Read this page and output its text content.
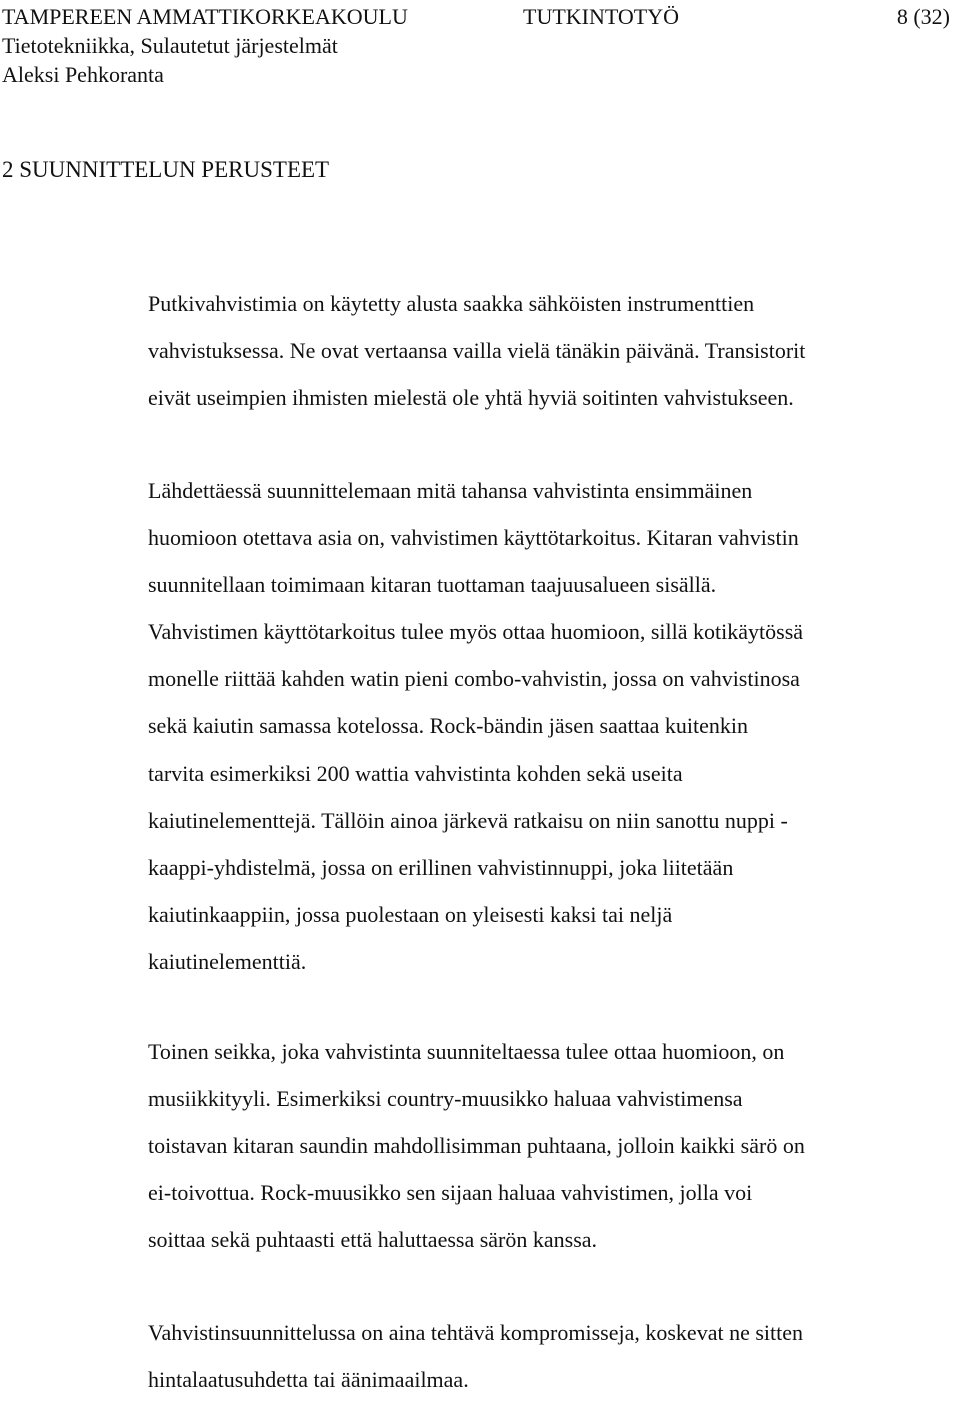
TAMPEREEN AMMATTIKORKEAKOULU	TUTKINTOTYÖ	8 (32)
Tietotekniikka, Sulautetut järjestelmät
Aleksi Pehkoranta
2 SUUNNITTELUN PERUSTEET
Putkivahvistimia on käytetty alusta saakka sähköisten instrumenttien
vahvistuksessa. Ne ovat vertaansa vailla vielä tänäkin päivänä. Transistorit
eivät useimpien ihmisten mielestä ole yhtä hyviä soitinten vahvistukseen.
Lähdettäessä suunnittelemaan mitä tahansa vahvistinta ensimmäinen
huomioon otettava asia on, vahvistimen käyttötarkoitus. Kitaran vahvistin
suunnitellaan toimimaan kitaran tuottaman taajuusalueen sisällä.
Vahvistimen käyttötarkoitus tulee myös ottaa huomioon, sillä kotikäytössä
monelle riittää kahden watin pieni combo-vahvistin, jossa on vahvistinosa
sekä kaiutin samassa kotelossa. Rock-bändin jäsen saattaa kuitenkin
tarvita esimerkiksi 200 wattia vahvistinta kohden sekä useita
kaiutinelementtejä. Tällöin ainoa järkevä ratkaisu on niin sanottu nuppi -
kaappi-yhdistelmä, jossa on erillinen vahvistinnuppi, joka liitetään
kaiutinkaappiin, jossa puolestaan on yleisesti kaksi tai neljä
kaiutinelementtiä.
Toinen seikka, joka vahvistinta suunniteltaessa tulee ottaa huomioon, on
musiikkityyli. Esimerkiksi country-muusikko haluaa vahvistimensa
toistavan kitaran saundin mahdollisimman puhtaana, jolloin kaikki särö on
ei-toivottua. Rock-muusikko sen sijaan haluaa vahvistimen, jolla voi
soittaa sekä puhtaasti että haluttaessa särön kanssa.
Vahvistinsuunnittelussa on aina tehtävä kompromisseja, koskevat ne sitten
hintalaatusuhdetta tai äänimaailmaa.
